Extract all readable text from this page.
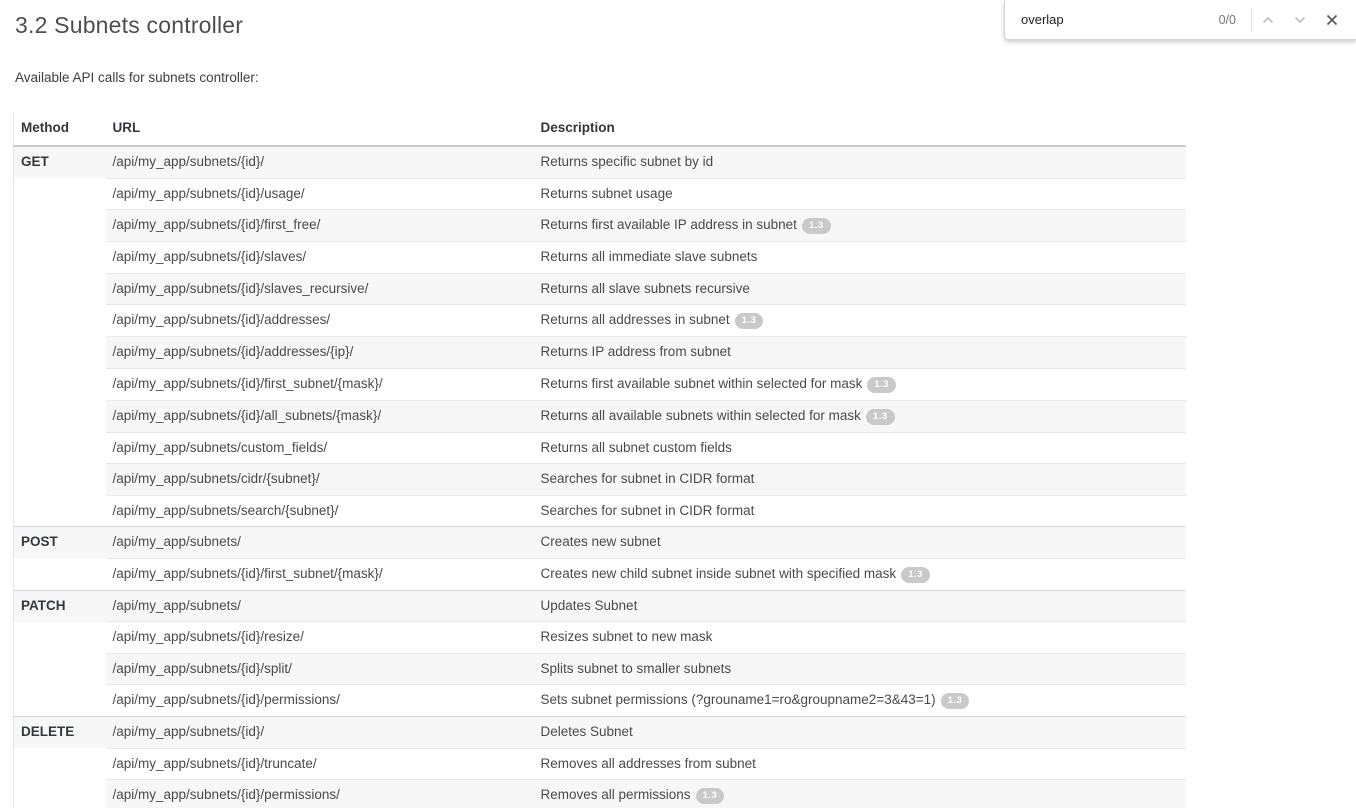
3.2 Subnets controller

Available API calls for subnets controller:

Method	URL	Description
GET	/api/my_app/subnets/{id}/	Returns specific subnet by id
	/api/my_app/subnets/{id}/usage/	Returns subnet usage
	/api/my_app/subnets/{id}/first_free/	Returns first available IP address in subnet 1.3
	/api/my_app/subnets/{id}/slaves/	Returns all immediate slave subnets
	/api/my_app/subnets/{id}/slaves_recursive/	Returns all slave subnets recursive
	/api/my_app/subnets/{id}/addresses/	Returns all addresses in subnet 1.3
	/api/my_app/subnets/{id}/addresses/{ip}/	Returns IP address from subnet
	/api/my_app/subnets/{id}/first_subnet/{mask}/	Returns first available subnet within selected for mask 1.3
	/api/my_app/subnets/{id}/all_subnets/{mask}/	Returns all available subnets within selected for mask 1.3
	/api/my_app/subnets/custom_fields/	Returns all subnet custom fields
	/api/my_app/subnets/cidr/{subnet}/	Searches for subnet in CIDR format
	/api/my_app/subnets/search/{subnet}/	Searches for subnet in CIDR format
POST	/api/my_app/subnets/	Creates new subnet
	/api/my_app/subnets/{id}/first_subnet/{mask}/	Creates new child subnet inside subnet with specified mask 1.3
PATCH	/api/my_app/subnets/	Updates Subnet
	/api/my_app/subnets/{id}/resize/	Resizes subnet to new mask
	/api/my_app/subnets/{id}/split/	Splits subnet to smaller subnets
	/api/my_app/subnets/{id}/permissions/	Sets subnet permissions (?grouname1=ro&groupname2=3&43=1) 1.3
DELETE	/api/my_app/subnets/{id}/	Deletes Subnet
	/api/my_app/subnets/{id}/truncate/	Removes all addresses from subnet
	/api/my_app/subnets/{id}/permissions/	Removes all permissions 1.3
overlap
0/0
